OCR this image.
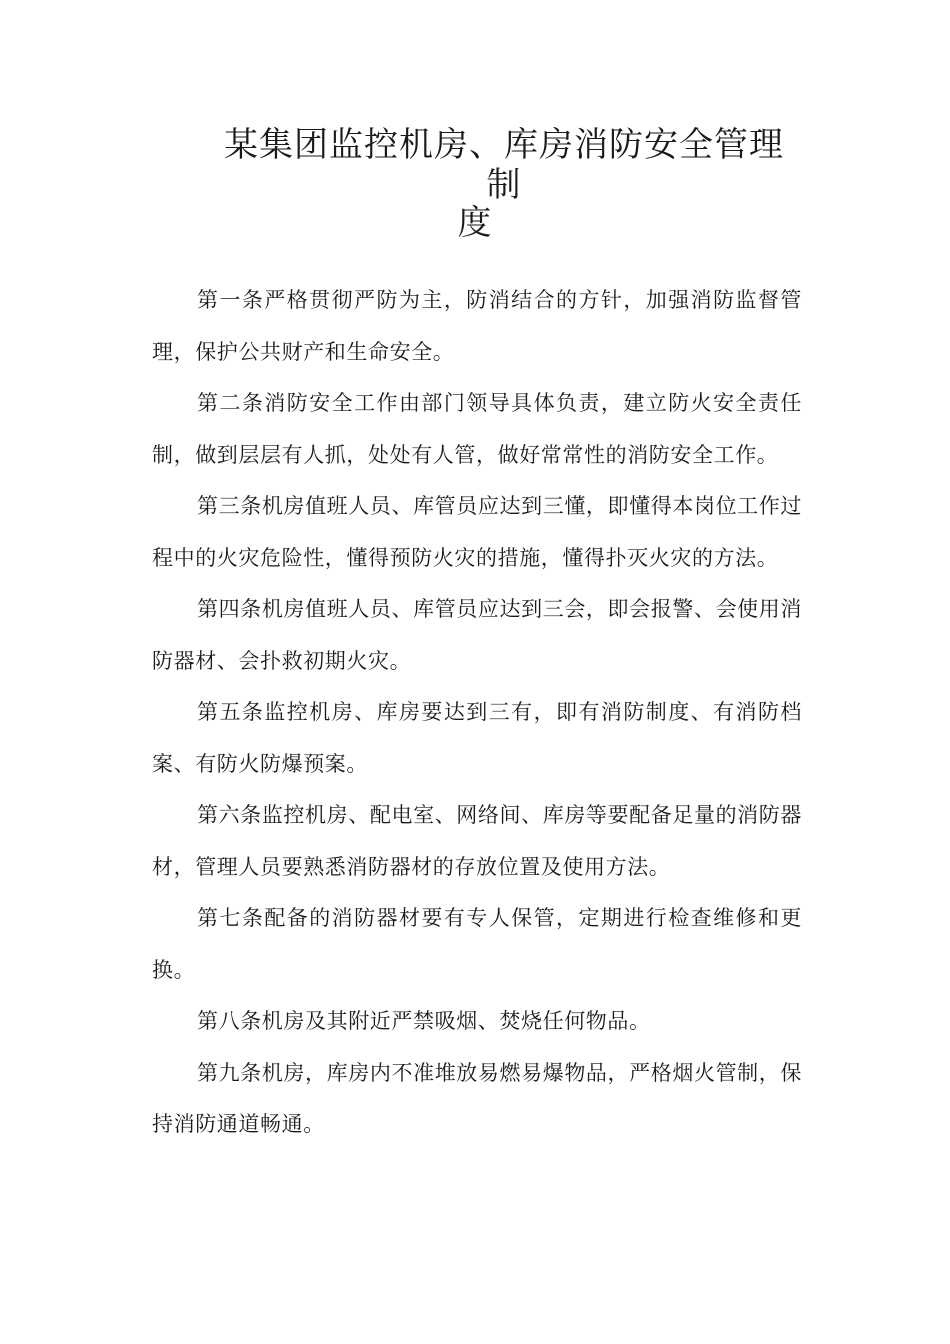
某集团监控机房、库房消防安全管理制
度

第一条严格贯彻严防为主，防消结合的方针，加强消防监督管理，保护公共财产和生命安全。

第二条消防安全工作由部门领导具体负责，建立防火安全责任制，做到层层有人抓，处处有人管，做好常常性的消防安全工作。

第三条机房值班人员、库管员应达到三懂，即懂得本岗位工作过程中的火灾危险性，懂得预防火灾的措施，懂得扑灭火灾的方法。

第四条机房值班人员、库管员应达到三会，即会报警、会使用消防器材、会扑救初期火灾。

第五条监控机房、库房要达到三有，即有消防制度、有消防档案、有防火防爆预案。

第六条监控机房、配电室、网络间、库房等要配备足量的消防器材，管理人员要熟悉消防器材的存放位置及使用方法。

第七条配备的消防器材要有专人保管，定期进行检查维修和更换。

第八条机房及其附近严禁吸烟、焚烧任何物品。

第九条机房，库房内不准堆放易燃易爆物品，严格烟火管制，保持消防通道畅通。
